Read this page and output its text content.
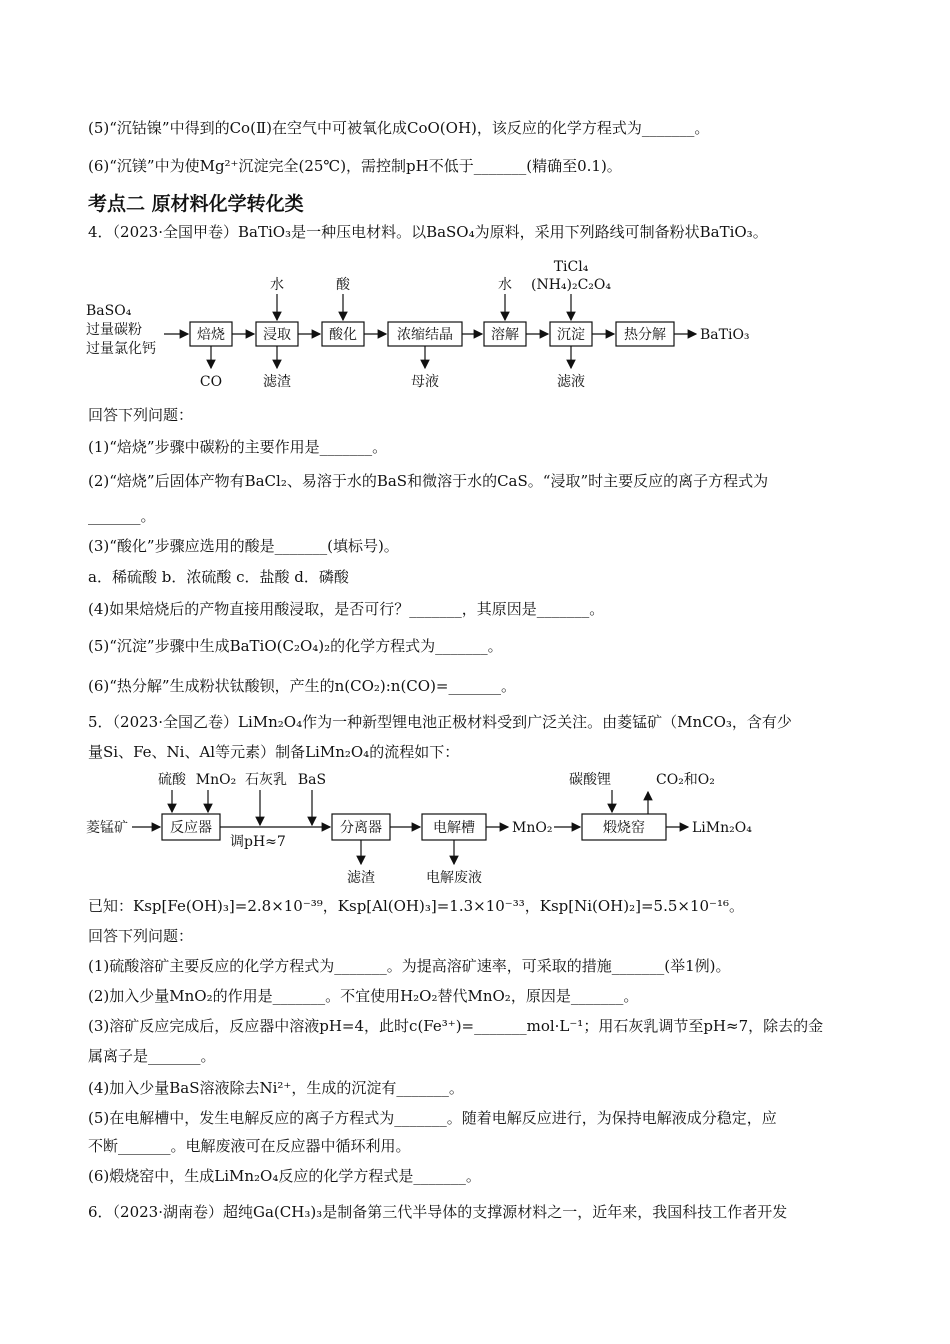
(5)“沉钴镍”中得到的Co(Ⅱ)在空气中可被氧化成CoO(OH)，该反应的化学方程式为_______。
(6)“沉镁”中为使Mg²⁺沉淀完全(25℃)，需控制pH不低于_______(精确至0.1)。
考点二 原材料化学转化类
4．（2023·全国甲卷）BaTiO₃是一种压电材料。以BaSO₄为原料，采用下列路线可制备粉状BaTiO₃。
BaSO₄
过量碳粉
过量氯化钙
焙烧	浸取	酸化	浓缩结晶	溶解	沉淀	热分解
水	酸	水
TiCl₄
(NH₄)₂C₂O₄
CO	滤渣	母液	滤液
BaTiO₃
回答下列问题：
(1)“焙烧”步骤中碳粉的主要作用是_______。
(2)“焙烧”后固体产物有BaCl₂、易溶于水的BaS和微溶于水的CaS。“浸取”时主要反应的离子方程式为
_______。
(3)“酸化”步骤应选用的酸是_______(填标号)。
a．稀硫酸 b．浓硫酸 c．盐酸 d．磷酸
(4)如果焙烧后的产物直接用酸浸取，是否可行？_______，其原因是_______。
(5)“沉淀”步骤中生成BaTiO(C₂O₄)₂的化学方程式为_______。
(6)“热分解”生成粉状钛酸钡，产生的n(CO₂):n(CO)=_______。
5．（2023·全国乙卷）LiMn₂O₄作为一种新型锂电池正极材料受到广泛关注。由菱锰矿（MnCO₃，含有少
量Si、Fe、Ni、Al等元素）制备LiMn₂O₄的流程如下：
菱锰矿	反应器	分离器	电解槽	煅烧窑
硫酸 MnO₂ 石灰乳 BaS	碳酸锂	CO₂和O₂
调pH≈7
滤渣	电解废液
MnO₂	LiMn₂O₄
已知：Ksp[Fe(OH)₃]=2.8×10⁻³⁹，Ksp[Al(OH)₃]=1.3×10⁻³³，Ksp[Ni(OH)₂]=5.5×10⁻¹⁶。
回答下列问题：
(1)硫酸溶矿主要反应的化学方程式为_______。为提高溶矿速率，可采取的措施_______(举1例)。
(2)加入少量MnO₂的作用是_______。不宜使用H₂O₂替代MnO₂，原因是_______。
(3)溶矿反应完成后，反应器中溶液pH=4，此时c(Fe³⁺)=_______mol·L⁻¹；用石灰乳调节至pH≈7，除去的金
属离子是_______。
(4)加入少量BaS溶液除去Ni²⁺，生成的沉淀有_______。
(5)在电解槽中，发生电解反应的离子方程式为_______。随着电解反应进行，为保持电解液成分稳定，应
不断_______。电解废液可在反应器中循环利用。
(6)煅烧窑中，生成LiMn₂O₄反应的化学方程式是_______。
6．（2023·湖南卷）超纯Ga(CH₃)₃是制备第三代半导体的支撑源材料之一，近年来，我国科技工作者开发
